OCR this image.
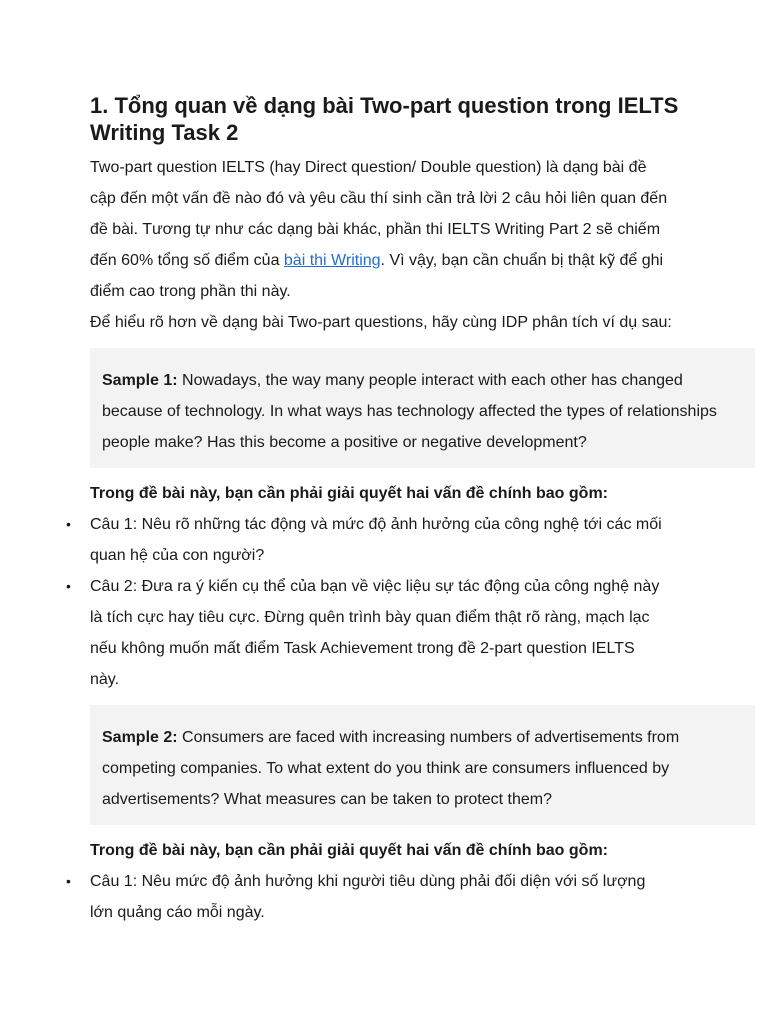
1. Tổng quan về dạng bài Two-part question trong IELTS Writing Task 2

Two-part question IELTS (hay Direct question/ Double question) là dạng bài đề cập đến một vấn đề nào đó và yêu cầu thí sinh cần trả lời 2 câu hỏi liên quan đến đề bài. Tương tự như các dạng bài khác, phần thi IELTS Writing Part 2 sẽ chiếm đến 60% tổng số điểm của bài thi Writing. Vì vậy, bạn cần chuẩn bị thật kỹ để ghi điểm cao trong phần thi này.

Để hiểu rõ hơn về dạng bài Two-part questions, hãy cùng IDP phân tích ví dụ sau:

Sample 1: Nowadays, the way many people interact with each other has changed because of technology. In what ways has technology affected the types of relationships people make? Has this become a positive or negative development?
Trong đề bài này, bạn cần phải giải quyết hai vấn đề chính bao gồm:
• Câu 1: Nêu rõ những tác động và mức độ ảnh hưởng của công nghệ tới các mối quan hệ của con người?
• Câu 2: Đưa ra ý kiến cụ thể của bạn về việc liệu sự tác động của công nghệ này là tích cực hay tiêu cực. Đừng quên trình bày quan điểm thật rõ ràng, mạch lạc nếu không muốn mất điểm Task Achievement trong đề 2-part question IELTS này.
Sample 2: Consumers are faced with increasing numbers of advertisements from competing companies. To what extent do you think are consumers influenced by advertisements? What measures can be taken to protect them?
Trong đề bài này, bạn cần phải giải quyết hai vấn đề chính bao gồm:
• Câu 1: Nêu mức độ ảnh hưởng khi người tiêu dùng phải đối diện với số lượng lớn quảng cáo mỗi ngày.
